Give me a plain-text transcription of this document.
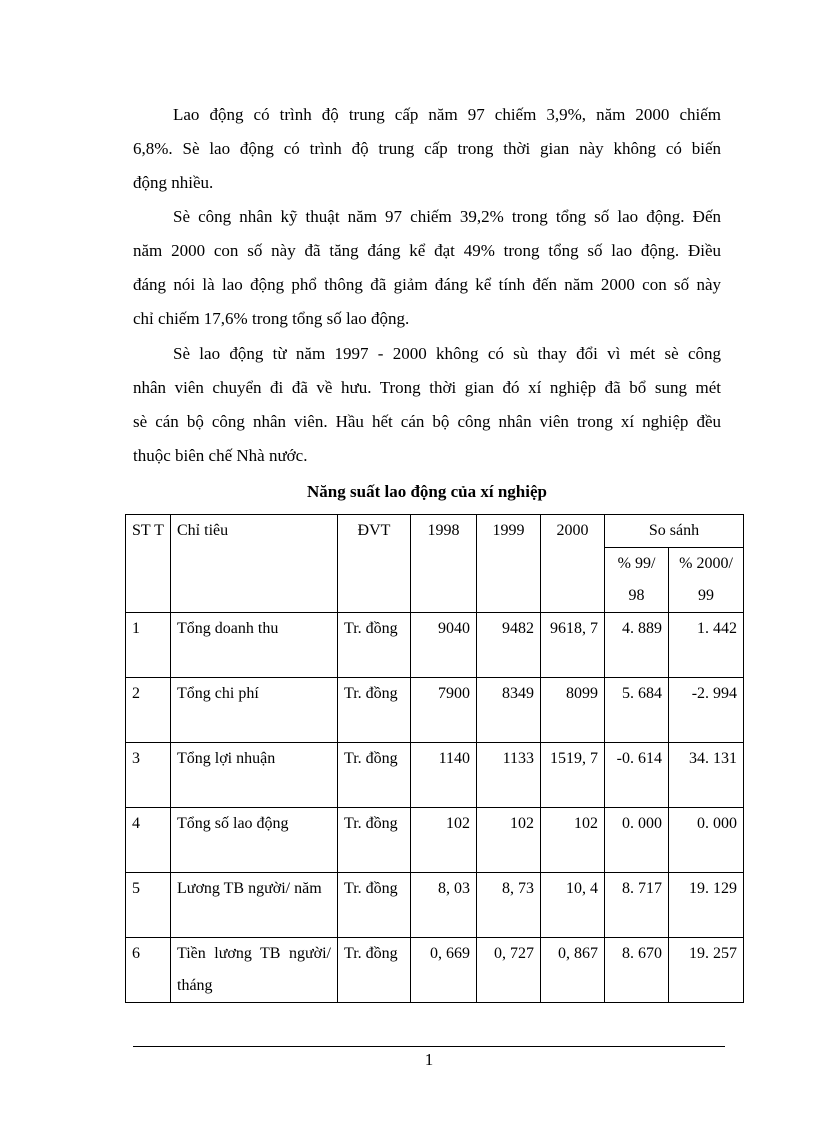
Lao động có trình độ trung cấp năm 97 chiếm 3,9%, năm 2000 chiếm
6,8%. Sè lao động có trình độ trung cấp trong thời gian này không có biến
động nhiều.
Sè công nhân kỹ thuật năm 97 chiếm 39,2% trong tổng số lao động. Đến
năm 2000 con số này đã tăng đáng kể đạt 49% trong tổng số lao động. Điều
đáng nói là lao động phổ thông đã giảm đáng kể tính đến năm 2000 con số này
chỉ chiếm 17,6% trong tổng số lao động.
Sè lao động từ năm 1997 - 2000 không có sù thay đổi vì mét sè công
nhân viên chuyển đi đã về hưu. Trong thời gian đó xí nghiệp đã bổ sung mét
sè cán bộ công nhân viên. Hầu hết cán bộ công nhân viên trong xí nghiệp đều
thuộc biên chế Nhà nước.

Năng suất lao động của xí nghiệp

ST T	Chỉ tiêu	ĐVT	1998	1999	2000	So sánh	
						% 99/ 98	% 2000/ 99
1	Tổng doanh thu	Tr. đồng	9040	9482	9618, 7	4. 889	1. 442
2	Tổng chi phí	Tr. đồng	7900	8349	8099	5. 684	-2. 994
3	Tổng lợi nhuận	Tr. đồng	1140	1133	1519, 7	-0. 614	34. 131
4	Tổng số lao động	Tr. đồng	102	102	102	0. 000	0. 000
5	Lương TB người/ năm	Tr. đồng	8, 03	8, 73	10, 4	8. 717	19. 129
6	Tiền lương TB người/ tháng	Tr. đồng	0, 669	0, 727	0, 867	8. 670	19. 257
1
